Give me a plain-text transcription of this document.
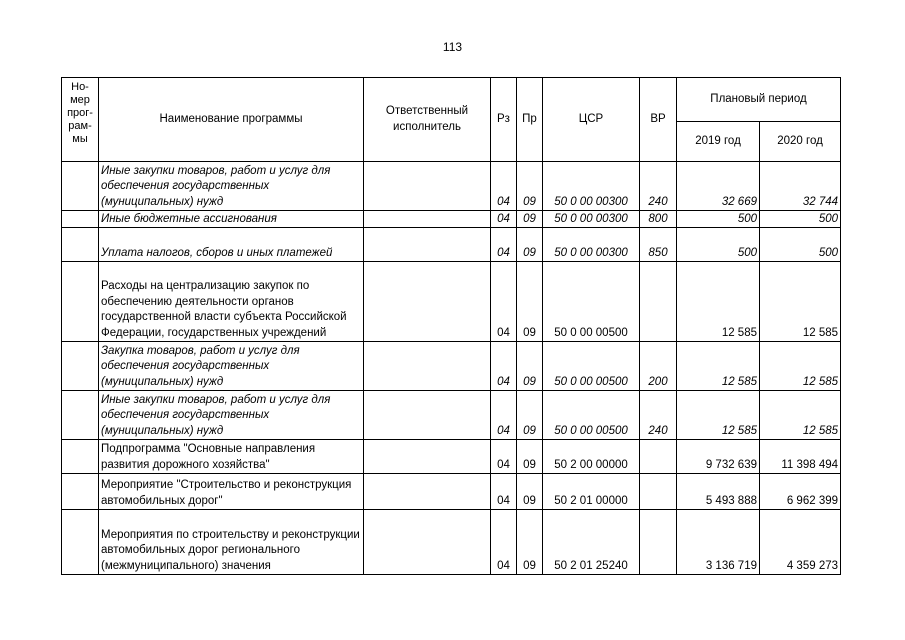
113
Но-мер прог-рам-мы	Наименование программы	Ответственный исполнитель	Рз	Пр	ЦСР	ВР	Плановый период	
							2019 год	2020 год
	Иные закупки товаров, работ и услуг для обеспечения государственных (муниципальных) нужд		04	09	50 0 00 00300	240	32 669	32 744
	Иные бюджетные ассигнования		04	09	50 0 00 00300	800	500	500
	Уплата налогов, сборов и иных платежей		04	09	50 0 00 00300	850	500	500
	Расходы на централизацию закупок по обеспечению деятельности органов государственной власти субъекта Российской Федерации, государственных учреждений		04	09	50 0 00 00500		12 585	12 585
	Закупка товаров, работ и услуг для обеспечения государственных (муниципальных) нужд		04	09	50 0 00 00500	200	12 585	12 585
	Иные закупки товаров, работ и услуг для обеспечения государственных (муниципальных) нужд		04	09	50 0 00 00500	240	12 585	12 585
	Подпрограмма "Основные направления развития дорожного хозяйства"		04	09	50 2 00 00000		9 732 639	11 398 494
	Мероприятие "Строительство и реконструкция автомобильных дорог"		04	09	50 2 01 00000		5 493 888	6 962 399
	Мероприятия по строительству и реконструкции автомобильных дорог регионального (межмуниципального) значения		04	09	50 2 01 25240		3 136 719	4 359 273
